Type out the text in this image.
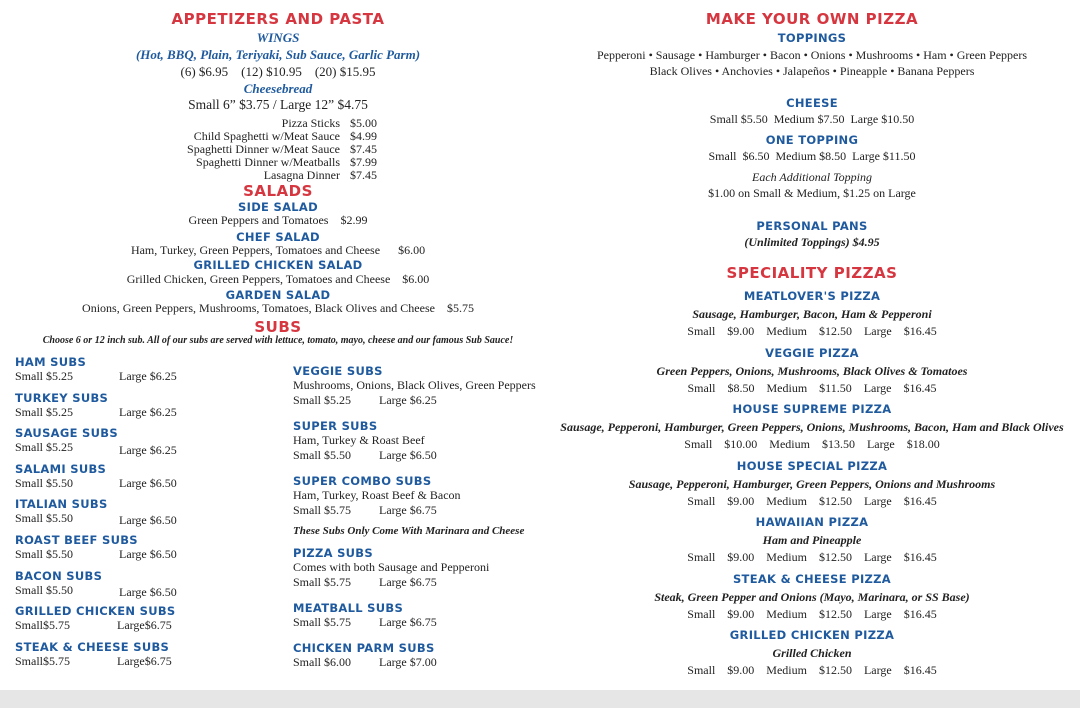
APPETIZERS AND PASTA
WINGS
(Hot, BBQ, Plain, Teriyaki, Sub Sauce, Garlic Parm)
(6) $6.95    (12) $10.95    (20) $15.95
Cheesebread
Small 6” $3.75 / Large 12” $4.75
Pizza Sticks $5.00
Child Spaghetti w/Meat Sauce $4.99
Spaghetti Dinner w/Meat Sauce $7.45
Spaghetti Dinner w/Meatballs $7.99
Lasagna Dinner $7.45
SALADS
SIDE SALAD
Green Peppers and Tomatoes $2.99
CHEF SALAD
Ham, Turkey, Green Peppers, Tomatoes and Cheese $6.00
GRILLED CHICKEN SALAD
Grilled Chicken, Green Peppers, Tomatoes and Cheese $6.00
GARDEN SALAD
Onions, Green Peppers, Mushrooms, Tomatoes, Black Olives and Cheese $5.75
SUBS
Choose 6 or 12 inch sub. All of our subs are served with lettuce, tomato, mayo, cheese and our famous Sub Sauce!
HAM SUBS
Small $5.25	Large $6.25
TURKEY SUBS
Small $5.25	Large $6.25
SAUSAGE SUBS
Small $5.25	Large $6.25
SALAMI SUBS
Small $5.50	Large $6.50
ITALIAN SUBS
Small $5.50	Large $6.50
ROAST BEEF SUBS
Small $5.50	Large $6.50
BACON SUBS
Small $5.50	Large $6.50
GRILLED CHICKEN SUBS
Small$5.75	Large$6.75
STEAK & CHEESE SUBS
Small$5.75	Large$6.75
VEGGIE SUBS
Mushrooms, Onions, Black Olives, Green Peppers
Small $5.25 Large $6.25
SUPER SUBS
Ham, Turkey & Roast Beef
Small $5.50 Large $6.50
SUPER COMBO SUBS
Ham, Turkey, Roast Beef & Bacon
Small $5.75 Large $6.75
These Subs Only Come With Marinara and Cheese
PIZZA SUBS
Comes with both Sausage and Pepperoni
Small $5.75 Large $6.75
MEATBALL SUBS
Small $5.75 Large $6.75
CHICKEN PARM SUBS
Small $6.00 Large $7.00
MAKE YOUR OWN PIZZA
TOPPINGS
Pepperoni • Sausage • Hamburger • Bacon • Onions • Mushrooms • Ham • Green Peppers
Black Olives • Anchovies • Jalapeños • Pineapple • Banana Peppers
CHEESE
Small $5.50  Medium $7.50  Large $10.50
ONE TOPPING
Small  $6.50  Medium $8.50  Large $11.50
Each Additional Topping
$1.00 on Small & Medium, $1.25 on Large
PERSONAL PANS
(Unlimited Toppings) $4.95
SPECIALITY PIZZAS
MEATLOVER'S PIZZA
Sausage, Hamburger, Bacon, Ham & Pepperoni
Small    $9.00    Medium    $12.50    Large    $16.45
VEGGIE PIZZA
Green Peppers, Onions, Mushrooms, Black Olives & Tomatoes
Small    $8.50    Medium    $11.50    Large    $16.45
HOUSE SUPREME PIZZA
Sausage, Pepperoni, Hamburger, Green Peppers, Onions, Mushrooms, Bacon, Ham and Black Olives
Small    $10.00    Medium    $13.50    Large    $18.00
HOUSE SPECIAL PIZZA
Sausage, Pepperoni, Hamburger, Green Peppers, Onions and Mushrooms
Small    $9.00    Medium    $12.50    Large    $16.45
HAWAIIAN PIZZA
Ham and Pineapple
Small    $9.00    Medium    $12.50    Large    $16.45
STEAK & CHEESE PIZZA
Steak, Green Pepper and Onions (Mayo, Marinara, or SS Base)
Small    $9.00    Medium    $12.50    Large    $16.45
GRILLED CHICKEN PIZZA
Grilled Chicken
Small    $9.00    Medium    $12.50    Large    $16.45
